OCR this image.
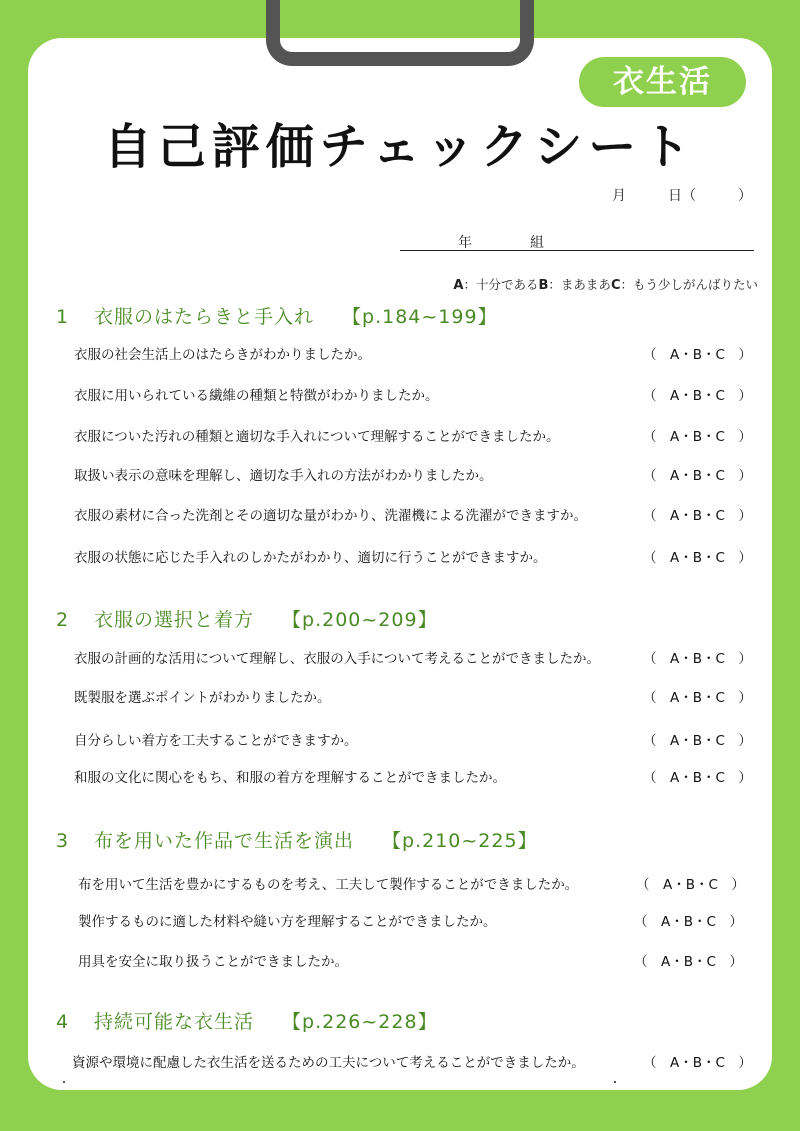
衣生活
自己評価チェックシート
月　　　日（　　　）
年	組
A：十分であるB：まあまあC：もう少しがんばりたい
1 衣服のはたらきと手入れ 【p.184~199】
衣服の社会生活上のはたらきがわかりましたか。	（　A・B・C　）
衣服に用いられている繊維の種類と特徴がわかりましたか。	（　A・B・C　）
衣服についた汚れの種類と適切な手入れについて理解することができましたか。	（　A・B・C　）
取扱い表示の意味を理解し、適切な手入れの方法がわかりましたか。	（　A・B・C　）
衣服の素材に合った洗剤とその適切な量がわかり、洗濯機による洗濯ができますか。	（　A・B・C　）
衣服の状態に応じた手入れのしかたがわかり、適切に行うことができますか。	（　A・B・C　）
2 衣服の選択と着方 【p.200~209】
衣服の計画的な活用について理解し、衣服の入手について考えることができましたか。	（　A・B・C　）
既製服を選ぶポイントがわかりましたか。	（　A・B・C　）
自分らしい着方を工夫することができますか。	（　A・B・C　）
和服の文化に関心をもち、和服の着方を理解することができましたか。	（　A・B・C　）
3 布を用いた作品で生活を演出 【p.210~225】
布を用いて生活を豊かにするものを考え、工夫して製作することができましたか。	（　A・B・C　）
製作するものに適した材料や縫い方を理解することができましたか。	（　A・B・C　）
用具を安全に取り扱うことができましたか。	（　A・B・C　）
4 持続可能な衣生活 【p.226~228】
資源や環境に配慮した衣生活を送るための工夫について考えることができましたか。	（　A・B・C　）
